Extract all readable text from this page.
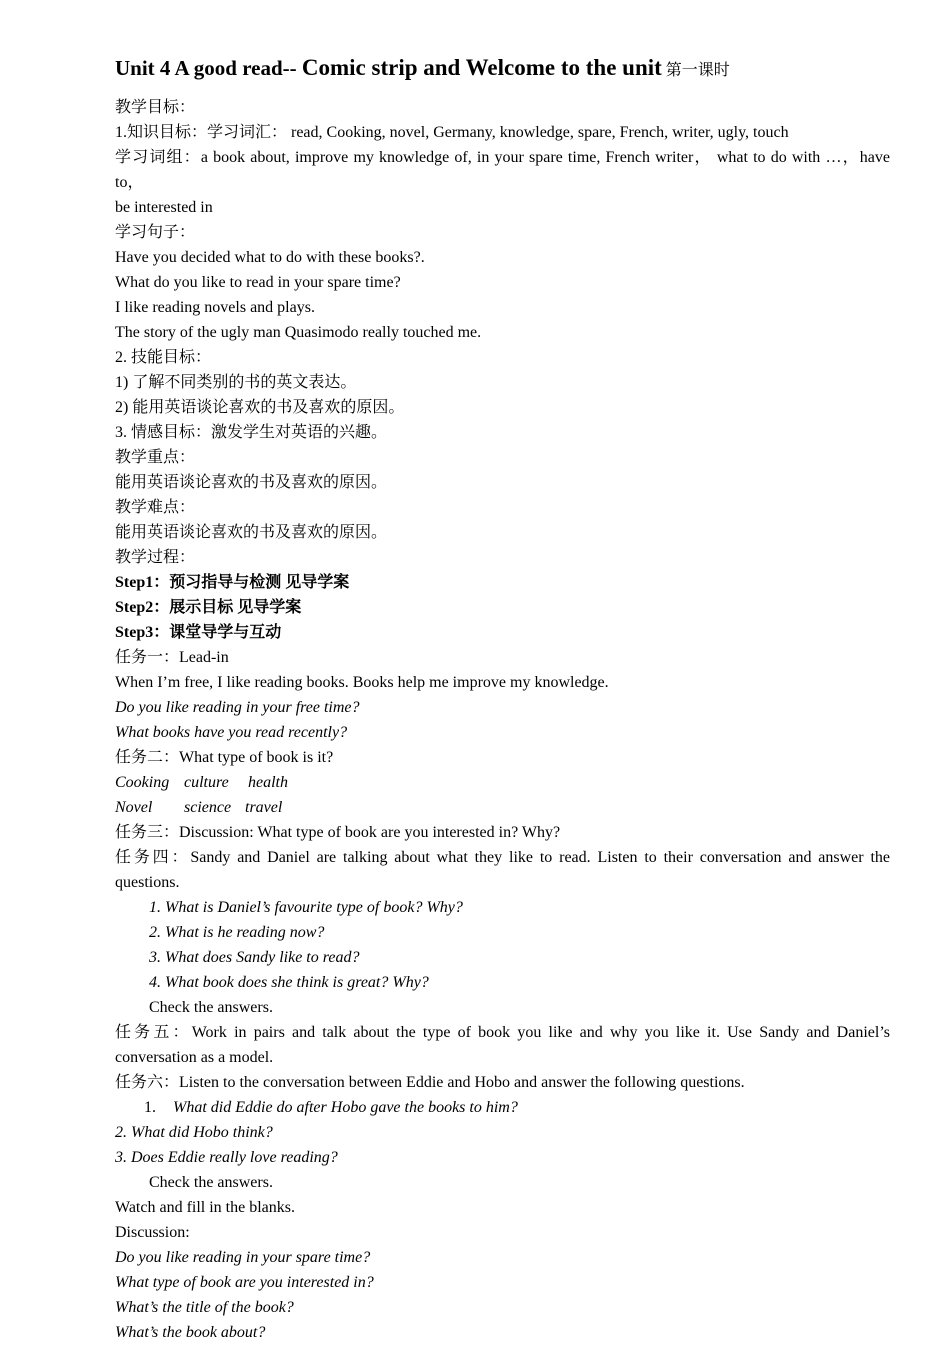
Unit 4 A good read-- Comic strip and Welcome to the unit 第一课时
教学目标：
1.知识目标：学习词汇： read, Cooking, novel, Germany, knowledge, spare, French, writer, ugly, touch
学习词组：a book about, improve my knowledge of, in your spare time, French writer， what to do with …，have to，
be interested in
学习句子：
Have you decided what to do with these books?.
What do you like to read in your spare time?
I like reading novels and plays.
The story of the ugly man Quasimodo really touched me.
2. 技能目标：
1) 了解不同类别的书的英文表达。
2) 能用英语谈论喜欢的书及喜欢的原因。
3. 情感目标：激发学生对英语的兴趣。
教学重点：
能用英语谈论喜欢的书及喜欢的原因。
教学难点：
能用英语谈论喜欢的书及喜欢的原因。
教学过程：
Step1：预习指导与检测 见导学案
Step2：展示目标 见导学案
Step3：课堂导学与互动
任务一：Lead-in
When I’m free, I like reading books. Books help me improve my knowledge.
Do you like reading in your free time?
What books have you read recently?
任务二：What type of book is it?
Cooking culture health
Novel science travel
任务三：Discussion: What type of book are you interested in? Why?
任务四：Sandy and Daniel are talking about what they like to read. Listen to their conversation and answer the questions.
1. What is Daniel’s favourite type of book? Why?
2. What is he reading now?
3. What does Sandy like to read?
4. What book does she think is great? Why?
Check the answers.
任务五：Work in pairs and talk about the type of book you like and why you like it. Use Sandy and Daniel’s conversation as a model.
任务六：Listen to the conversation between Eddie and Hobo and answer the following questions.
1. What did Eddie do after Hobo gave the books to him?
2. What did Hobo think?
3. Does Eddie really love reading?
Check the answers.
Watch and fill in the blanks.
Discussion:
Do you like reading in your spare time?
What type of book are you interested in?
What’s the title of the book?
What’s the book about?
